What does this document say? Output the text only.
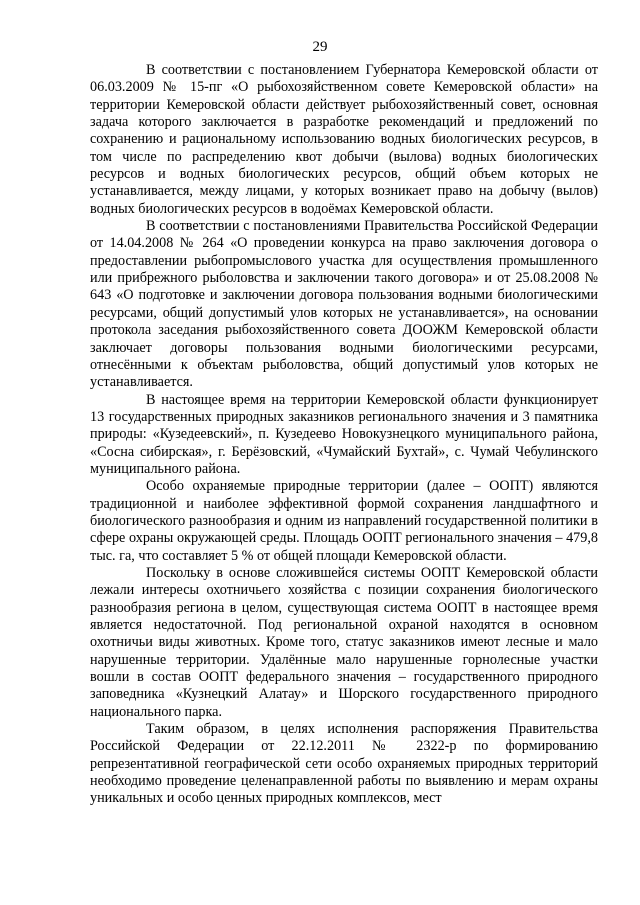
29

В соответствии с постановлением Губернатора Кемеровской области от 06.03.2009 № 15-пг «О рыбохозяйственном совете Кемеровской области» на территории Кемеровской области действует рыбохозяйственный совет, основная задача которого заключается в разработке рекомендаций и предложений по сохранению и рациональному использованию водных биологических ресурсов, в том числе по распределению квот добычи (вылова) водных биологических ресурсов и водных биологических ресурсов, общий объем которых не устанавливается, между лицами, у которых возникает право на добычу (вылов) водных биологических ресурсов в водоёмах Кемеровской области.

В соответствии с постановлениями Правительства Российской Федерации от 14.04.2008 № 264 «О проведении конкурса на право заключения договора о предоставлении рыбопромыслового участка для осуществления промышленного или прибрежного рыболовства и заключении такого договора» и от 25.08.2008 № 643 «О подготовке и заключении договора пользования водными биологическими ресурсами, общий допустимый улов которых не устанавливается», на основании протокола заседания рыбохозяйственного совета ДООЖМ Кемеровской области заключает договоры пользования водными биологическими ресурсами, отнесёнными к объектам рыболовства, общий допустимый улов которых не устанавливается.

В настоящее время на территории Кемеровской области функционирует 13 государственных природных заказников регионального значения и 3 памятника природы: «Кузедеевский», п. Кузедеево Новокузнецкого муниципального района, «Сосна сибирская», г. Берёзовский, «Чумайский Бухтай», с. Чумай Чебулинского муниципального района.

Особо охраняемые природные территории (далее – ООПТ) являются традиционной и наиболее эффективной формой сохранения ландшафтного и биологического разнообразия и одним из направлений государственной политики в сфере охраны окружающей среды. Площадь ООПТ регионального значения – 479,8 тыс. га, что составляет 5 % от общей площади Кемеровской области.

Поскольку в основе сложившейся системы ООПТ Кемеровской области лежали интересы охотничьего хозяйства с позиции сохранения биологического разнообразия региона в целом, существующая система ООПТ в настоящее время является недостаточной. Под региональной охраной находятся в основном охотничьи виды животных. Кроме того, статус заказников имеют лесные и мало нарушенные территории. Удалённые мало нарушенные горнолесные участки вошли в состав ООПТ федерального значения – государственного природного заповедника «Кузнецкий Алатау» и Шорского государственного природного национального парка.

Таким образом, в целях исполнения распоряжения Правительства Российской Федерации от 22.12.2011 № 2322-р по формированию репрезентативной географической сети особо охраняемых природных территорий необходимо проведение целенаправленной работы по выявлению и мерам охраны уникальных и особо ценных природных комплексов, мест
